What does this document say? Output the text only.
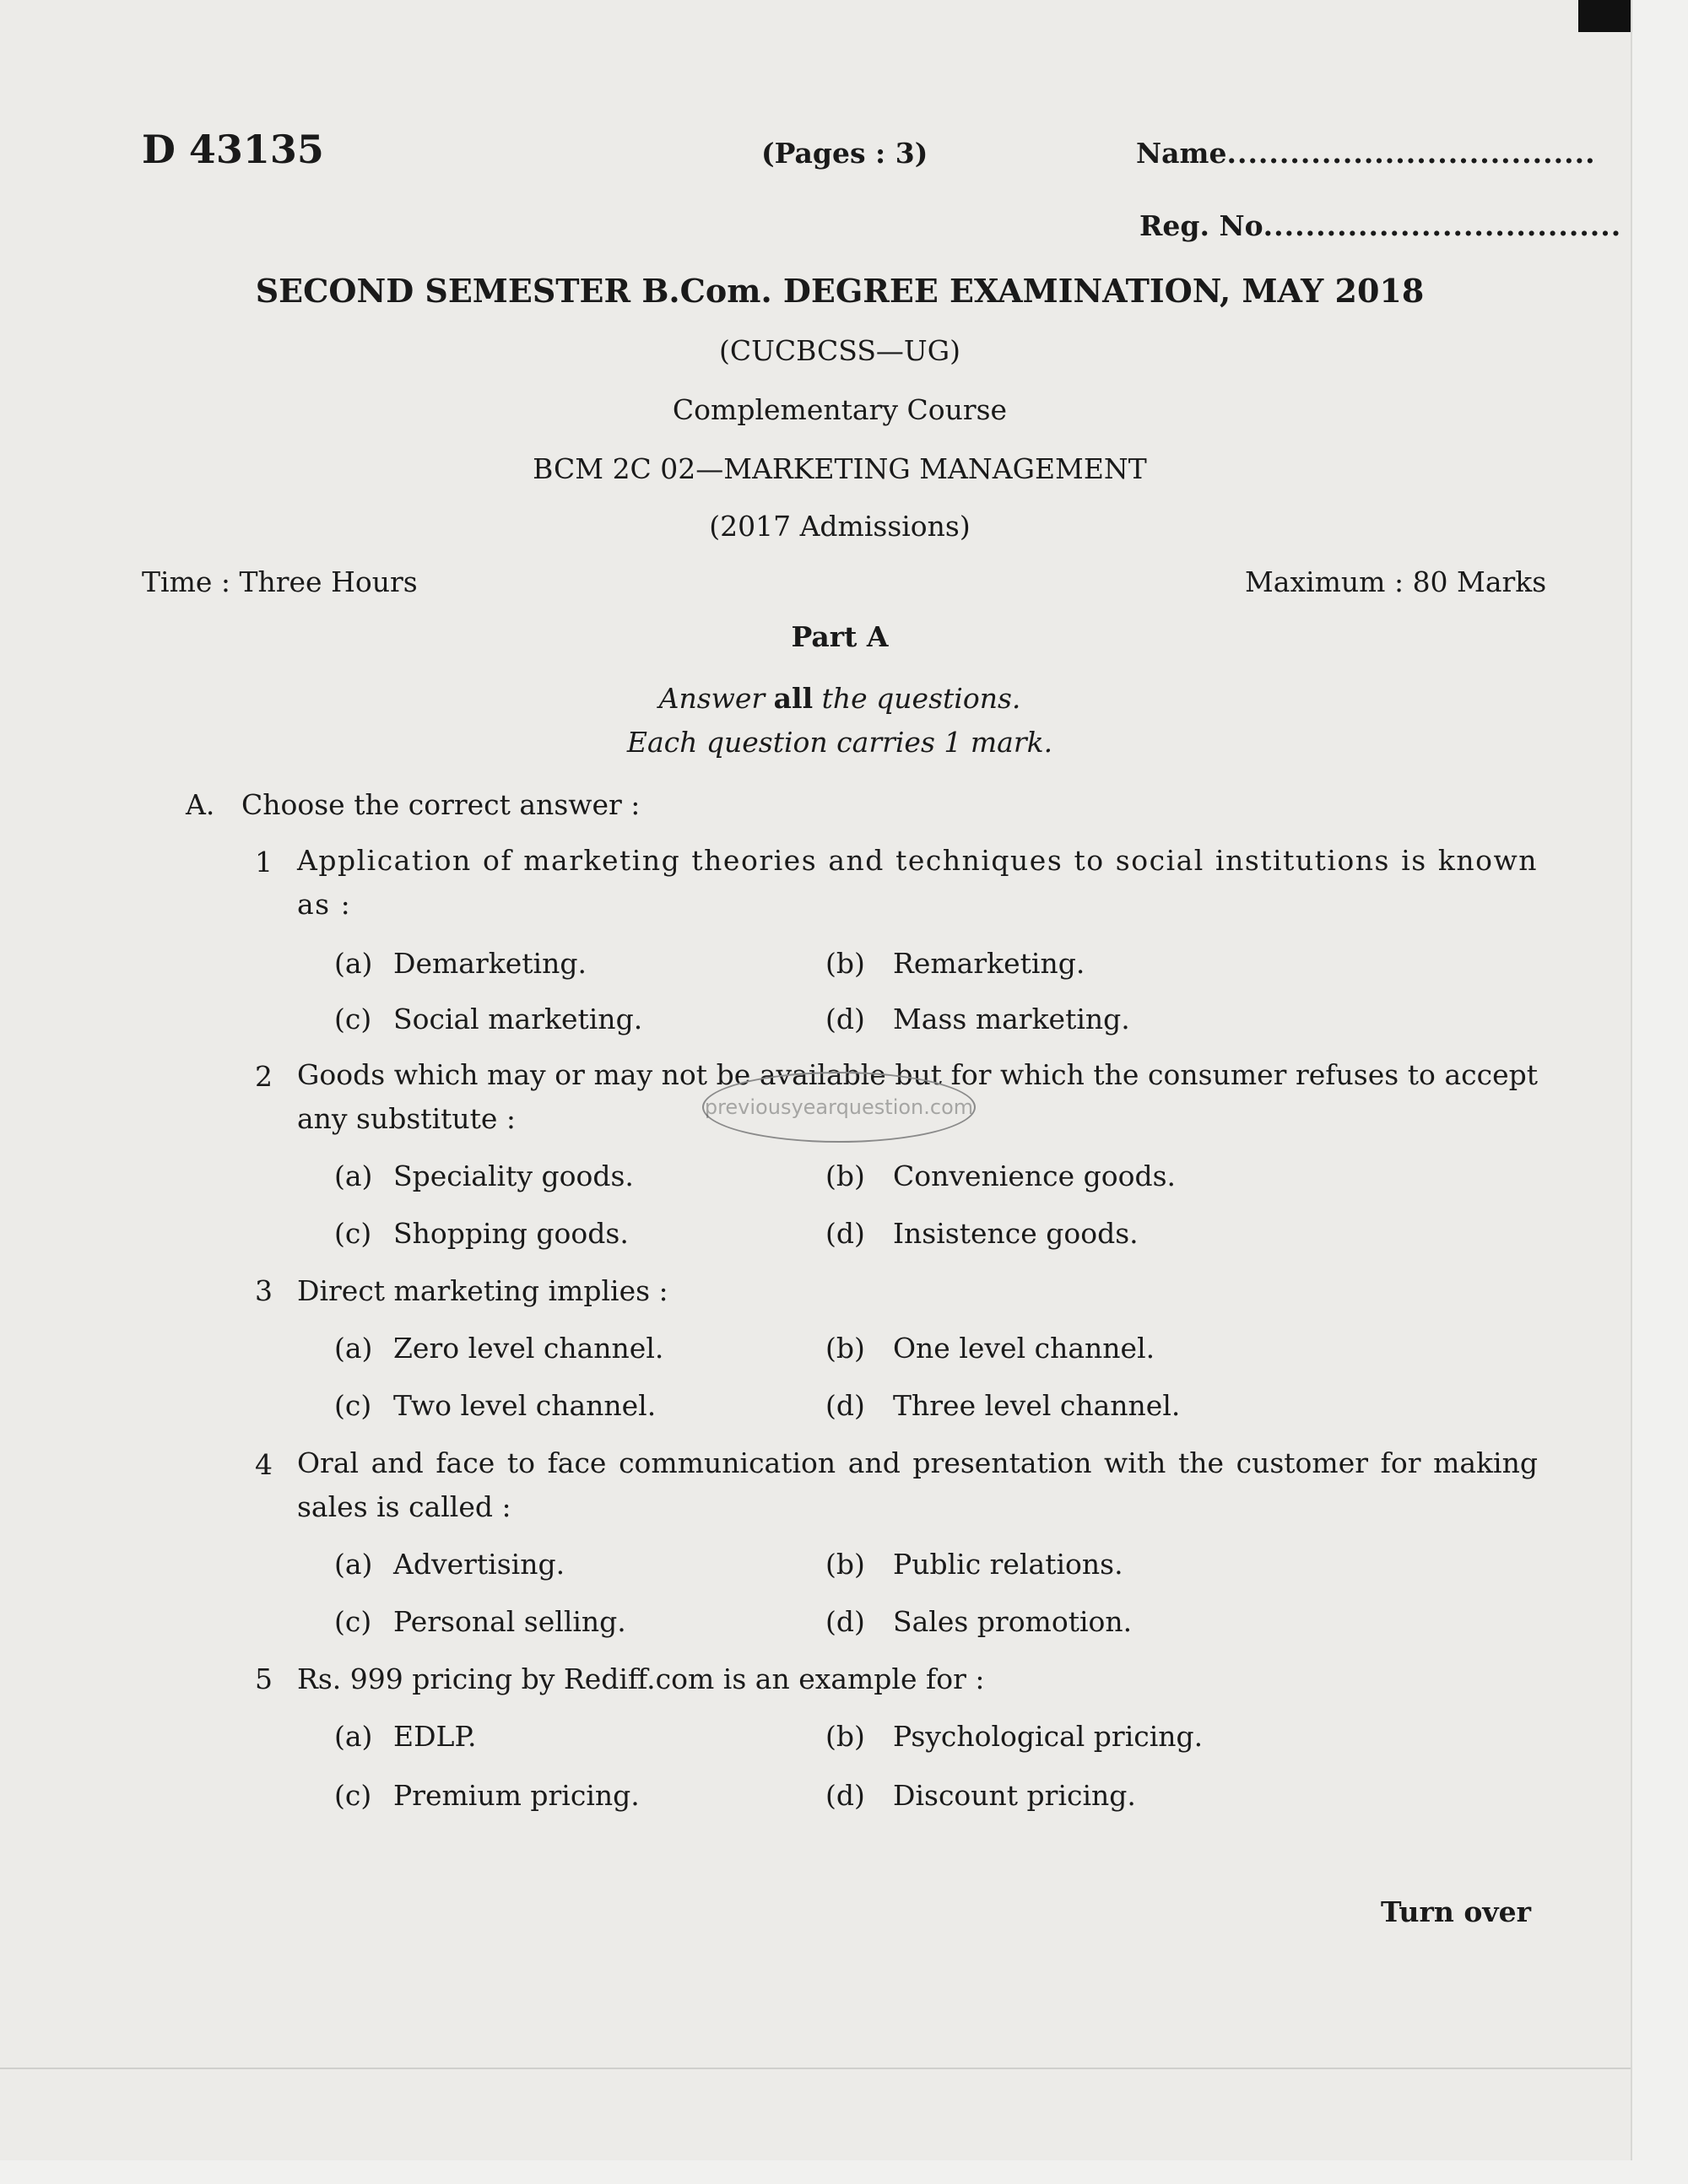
D 43135	(Pages : 3)	Name...................................
Reg. No..................................
SECOND SEMESTER B.Com. DEGREE EXAMINATION, MAY 2018
(CUCBCSS—UG)
Complementary Course
BCM 2C 02—MARKETING MANAGEMENT
(2017 Admissions)
Time : Three Hours	Maximum : 80 Marks
Part A
Answer all the questions.
Each question carries 1 mark.
A. Choose the correct answer :
1 Application of marketing theories and techniques to social institutions is known as :
(a) Demarketing.	(b) Remarketing.
(c) Social marketing.	(d) Mass marketing.
2 Goods which may or may not be available but for which the consumer refuses to accept any substitute :	previousyearquestion.com
(a) Speciality goods.	(b) Convenience goods.
(c) Shopping goods.	(d) Insistence goods.
3 Direct marketing implies :
(a) Zero level channel.	(b) One level channel.
(c) Two level channel.	(d) Three level channel.
4 Oral and face to face communication and presentation with the customer for making sales is called :
(a) Advertising.	(b) Public relations.
(c) Personal selling.	(d) Sales promotion.
5 Rs. 999 pricing by Rediff.com is an example for :
(a) EDLP.	(b) Psychological pricing.
(c) Premium pricing.	(d) Discount pricing.
Turn over
